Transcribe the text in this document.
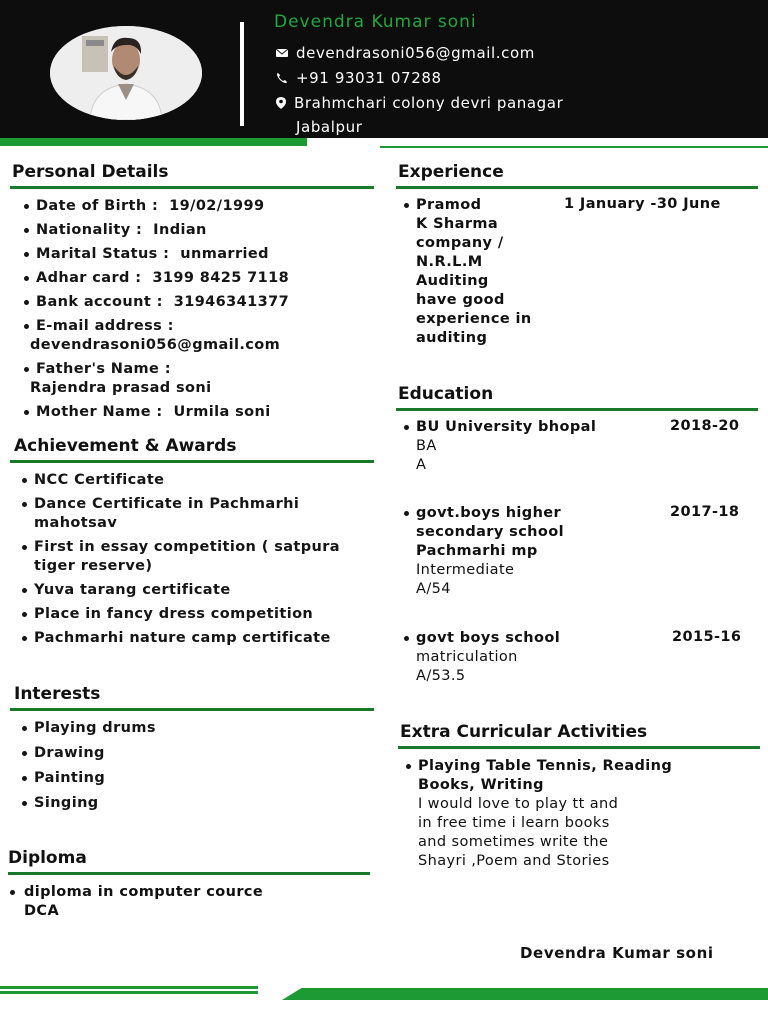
Devendra Kumar soni
devendrasoni056@gmail.com
+91 93031 07288
Brahmchari colony devri panagar
Jabalpur
Personal Details
Date of Birth : 19/02/1999
Nationality : Indian
Marital Status : unmarried
Adhar card : 3199 8425 7118
Bank account : 31946341377
E-mail address :
devendrasoni056@gmail.com
Father's Name :
Rajendra prasad soni
Mother Name : Urmila soni
Achievement & Awards
NCC Certificate
Dance Certificate in Pachmarhi mahotsav
First in essay competition ( satpura tiger reserve)
Yuva tarang certificate
Place in fancy dress competition
Pachmarhi nature camp certificate
Interests
Playing drums
Drawing
Painting
Singing
Diploma
diploma in computer cource
DCA
Experience
Pramod
K Sharma
company /
N.R.L.M
Auditing
have good
experience in
auditing
1 January -30 June
Education
BU University bhopal
BA
A
2018-20
govt.boys higher
secondary school
Pachmarhi mp
Intermediate
A/54
2017-18
govt boys school
matriculation
A/53.5
2015-16
Extra Curricular Activities
Playing Table Tennis, Reading
Books, Writing
I would love to play tt and
in free time i learn books
and sometimes write the
Shayri ,Poem and Stories
Devendra Kumar soni
